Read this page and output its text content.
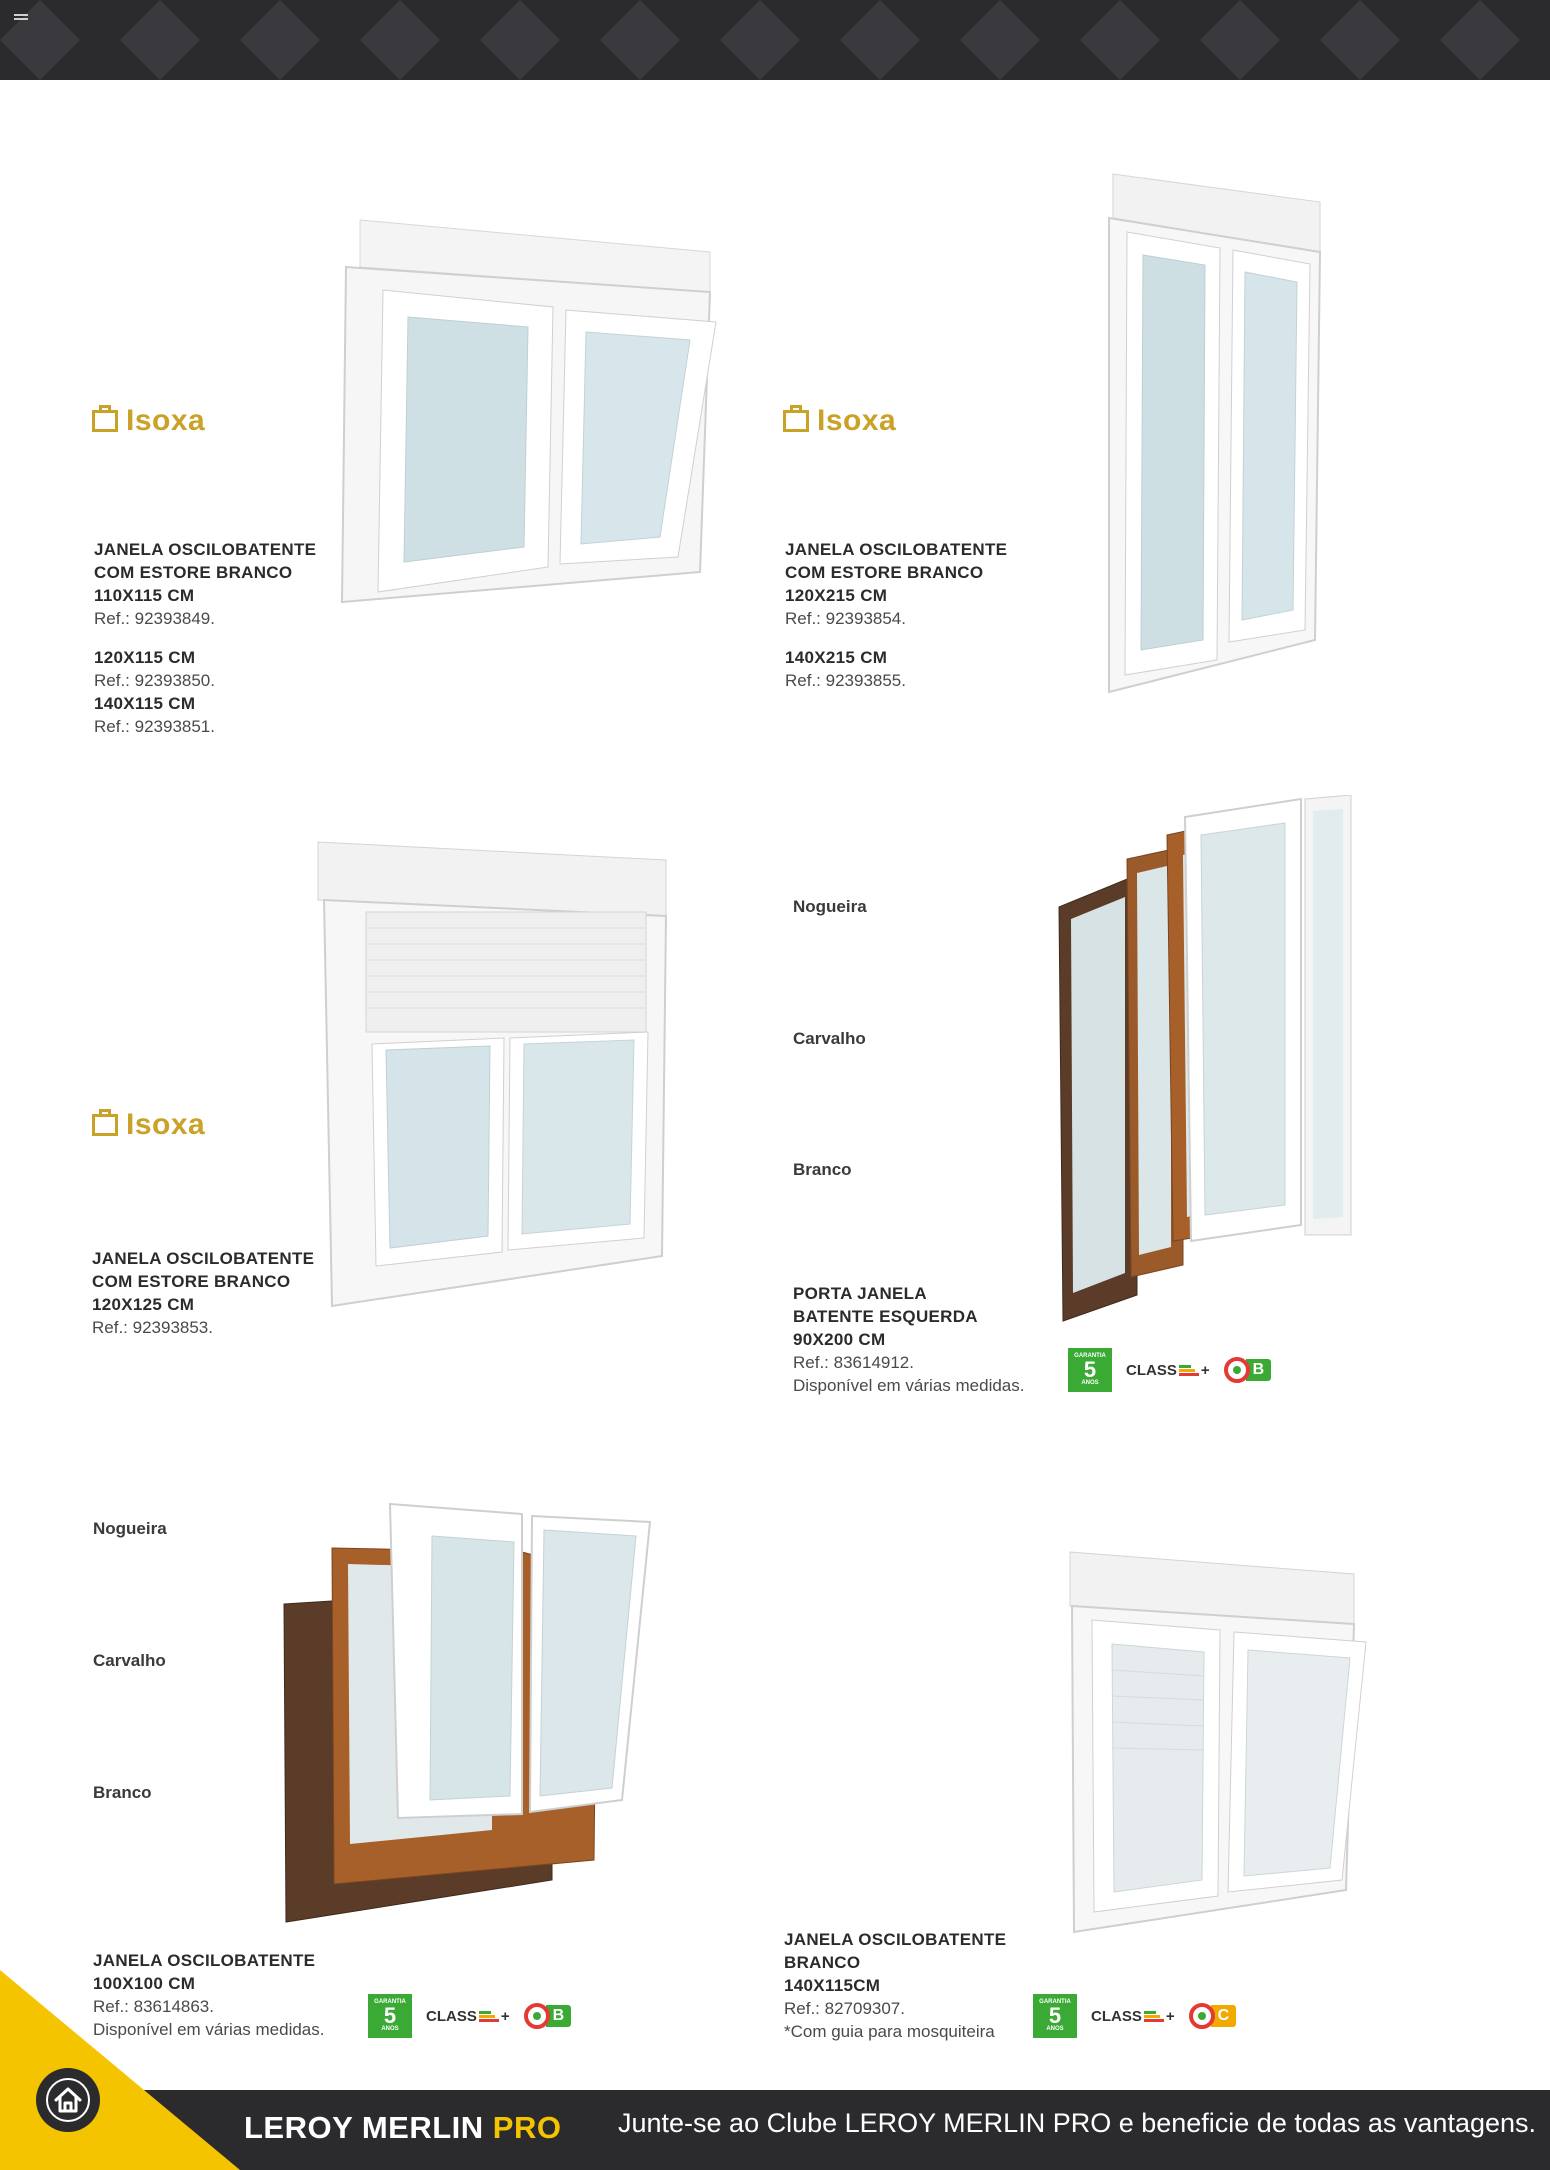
Isoxa
JANELA OSCILOBATENTE
COM ESTORE BRANCO
110X115 CM
Ref.: 92393849.
120X115 CM
Ref.: 92393850.
140X115 CM
Ref.: 92393851.
Isoxa
JANELA OSCILOBATENTE
COM ESTORE BRANCO
120X215 CM
Ref.: 92393854.
140X215 CM
Ref.: 92393855.
Isoxa
JANELA OSCILOBATENTE
COM ESTORE BRANCO
120X125 CM
Ref.: 92393853.
Nogueira
Carvalho
Branco
PORTA JANELA
BATENTE ESQUERDA
90X200 CM
Ref.: 83614912.
Disponível em várias medidas.
GARANTIA
5
ANOS
CLASS +	B
Nogueira
Carvalho
Branco
JANELA OSCILOBATENTE
100X100 CM
Ref.: 83614863.
Disponível em várias medidas.
GARANTIA
5
ANOS
CLASS +	B
JANELA OSCILOBATENTE
BRANCO
140X115CM
Ref.: 82709307.
*Com guia para mosquiteira
GARANTIA
5
ANOS
CLASS +	C
LEROY MERLIN PRO Junte-se ao Clube LEROY MERLIN PRO e beneficie de todas as vantagens.
